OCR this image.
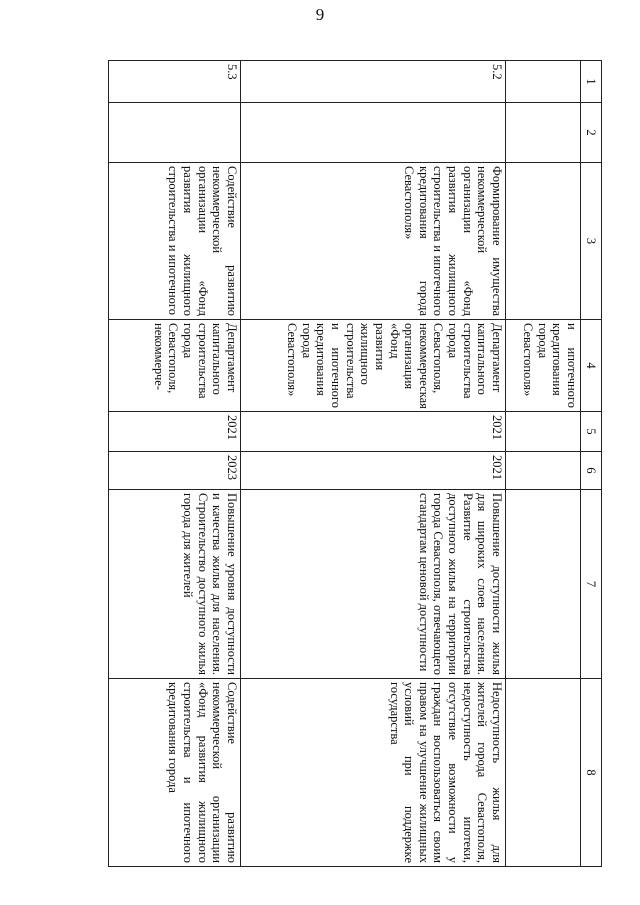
9
1	2	3	4	5	6	7	8
			и ипотечного кредитования города Севастополя»				
5.2		Формирование имущества некоммерческой организации «Фонд развития жилищного строительства и ипотечного кредитования города Севастополя»	Департамент капитального строительства города Севастополя, некоммерческая организация «Фонд развития жилищного строительства и ипотечного кредитования города Севастополя»	2021	2021	Повышение доступности жилья для широких слоев населения. Развитие строительства доступного жилья на территории города Севастополя, отвечающего стандартам ценовой доступности	Недоступность жилья для жителей города Севастополя, недоступность ипотеки, отсутствие возможности у граждан воспользоваться своим правом на улучшение жилищных условий при поддержке государства
5.3		Содействие развитию некоммерческой организации «Фонд развития жилищного строительства и ипотечного	Департамент капитального строительства города Севастополя, некоммерче-	2021	2023	Повышение уровня доступности и качества жилья для населения. Строительство доступного жилья города для жителей	Содействие развитию некоммерческой организации «Фонд развития жилищного строительства и ипотечного кредитования города
